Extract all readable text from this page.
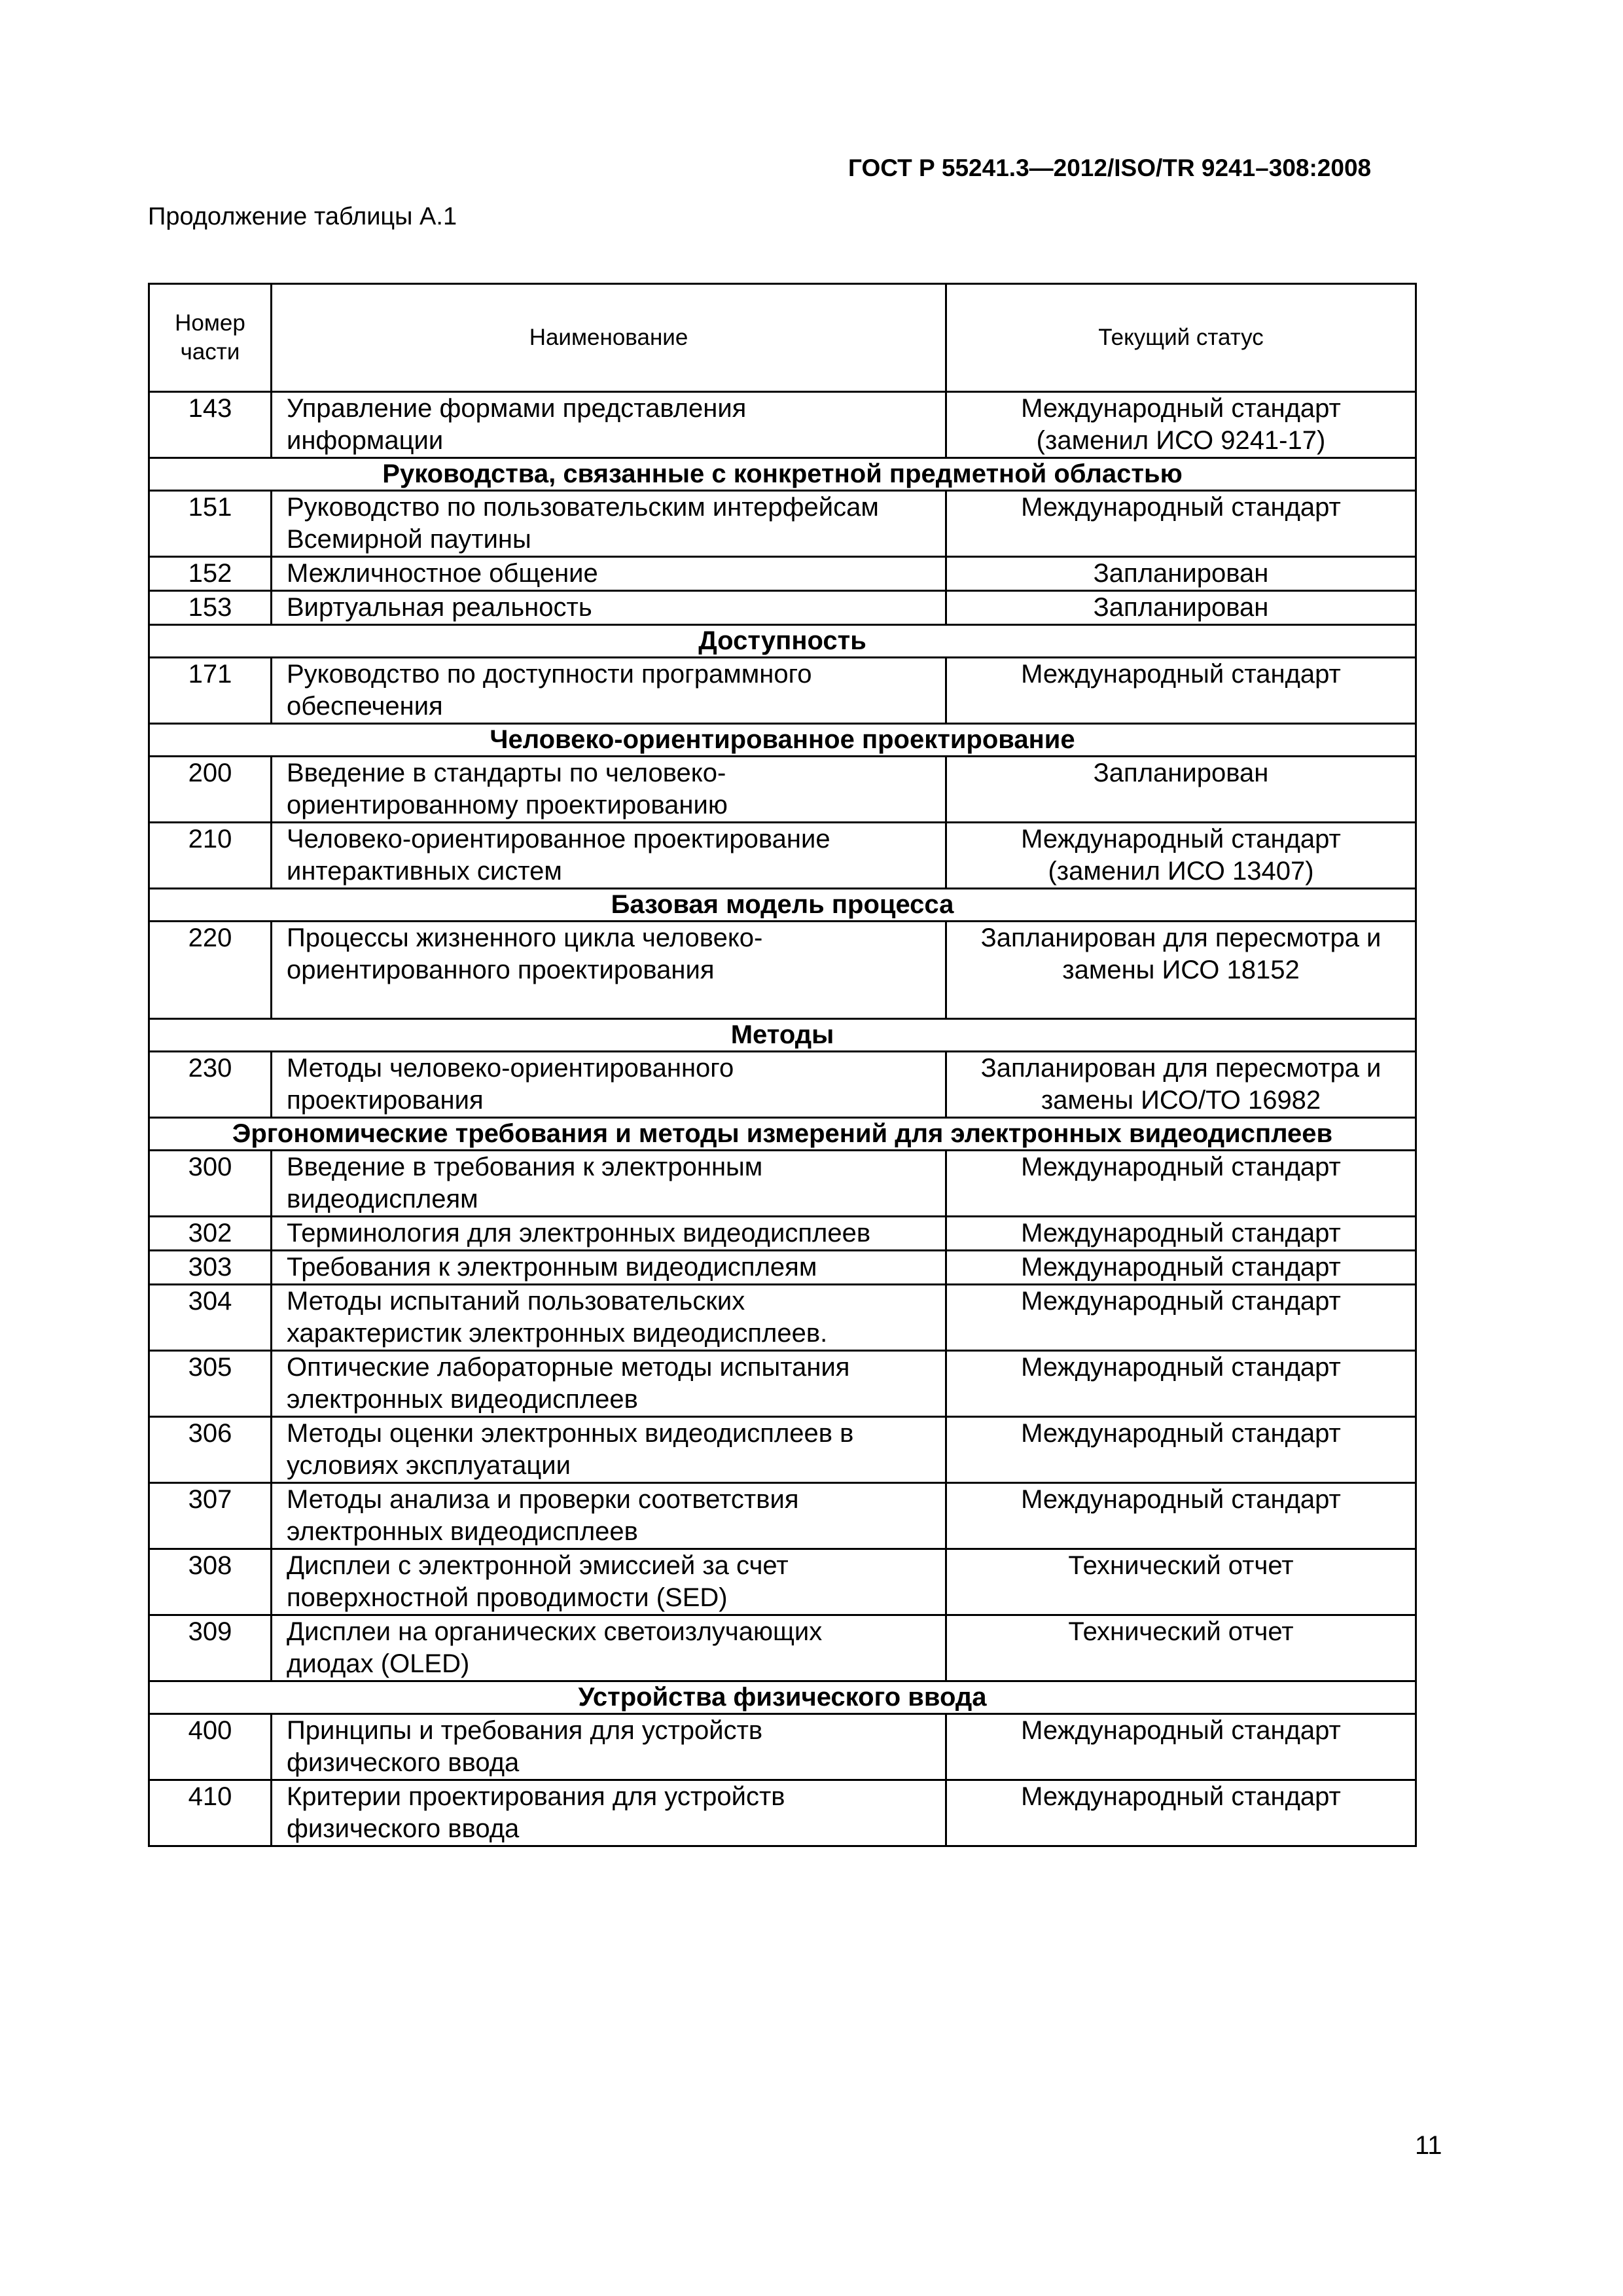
ГОСТ Р 55241.3—2012/ISO/TR 9241–308:2008
Продолжение таблицы А.1
Номер
части	Наименование	Текущий статус
143	Управление формами представления
информации	Международный стандарт
(заменил ИСО 9241-17)
Руководства, связанные с конкретной предметной областью		
151	Руководство по пользовательским интерфейсам
Всемирной паутины	Международный стандарт
152	Межличностное общение	Запланирован
153	Виртуальная реальность	Запланирован
Доступность		
171	Руководство по доступности программного
обеспечения	Международный стандарт
Человеко-ориентированное проектирование		
200	Введение в стандарты по человеко-
ориентированному проектированию	Запланирован
210	Человеко-ориентированное проектирование
интерактивных систем	Международный стандарт
(заменил ИСО 13407)
Базовая модель процесса		
220	Процессы жизненного цикла человеко-
ориентированного проектирования	Запланирован для пересмотра и
замены ИСО 18152
Методы		
230	Методы человеко-ориентированного
проектирования	Запланирован для пересмотра и
замены ИСО/ТО 16982
Эргономические требования и методы измерений для электронных видеодисплеев		
300	Введение в требования к электронным
видеодисплеям	Международный стандарт
302	Терминология для электронных видеодисплеев	Международный стандарт
303	Требования к электронным видеодисплеям	Международный стандарт
304	Методы испытаний пользовательских
характеристик электронных видеодисплеев.	Международный стандарт
305	Оптические лабораторные методы испытания
электронных видеодисплеев	Международный стандарт
306	Методы оценки электронных видеодисплеев в
условиях эксплуатации	Международный стандарт
307	Методы анализа и проверки соответствия
электронных видеодисплеев	Международный стандарт
308	Дисплеи с электронной эмиссией за счет
поверхностной проводимости (SED)	Технический отчет
309	Дисплеи на органических светоизлучающих
диодах (OLED)	Технический отчет
Устройства физического ввода		
400	Принципы и требования для устройств
физического ввода	Международный стандарт
410	Критерии проектирования для устройств
физического ввода	Международный стандарт
11
